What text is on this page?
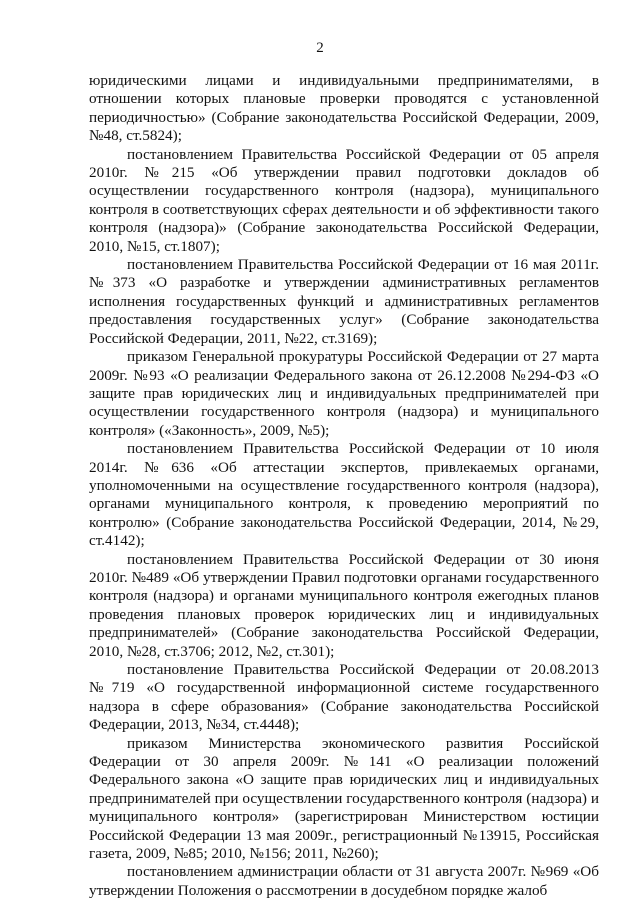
2

юридическими лицами и индивидуальными предпринимателями, в отношении которых плановые проверки проводятся с установленной периодичностью» (Собрание законодательства Российской Федерации, 2009, №48, ст.5824);

постановлением Правительства Российской Федерации от 05 апреля 2010г. №215 «Об утверждении правил подготовки докладов об осуществлении государственного контроля (надзора), муниципального контроля в соответствующих сферах деятельности и об эффективности такого контроля (надзора)» (Собрание законодательства Российской Федерации, 2010, №15, ст.1807);

постановлением Правительства Российской Федерации от 16 мая 2011г. №373 «О разработке и утверждении административных регламентов исполнения государственных функций и административных регламентов предоставления государственных услуг» (Собрание законодательства Российской Федерации, 2011, №22, ст.3169);

приказом Генеральной прокуратуры Российской Федерации от 27 марта 2009г. №93 «О реализации Федерального закона от 26.12.2008 №294-ФЗ «О защите прав юридических лиц и индивидуальных предпринимателей при осуществлении государственного контроля (надзора) и муниципального контроля» («Законность», 2009, №5);

постановлением Правительства Российской Федерации от 10 июля 2014г. №636 «Об аттестации экспертов, привлекаемых органами, уполномоченными на осуществление государственного контроля (надзора), органами муниципального контроля, к проведению мероприятий по контролю» (Собрание законодательства Российской Федерации, 2014, №29, ст.4142);

постановлением Правительства Российской Федерации от 30 июня 2010г. №489 «Об утверждении Правил подготовки органами государственного контроля (надзора) и органами муниципального контроля ежегодных планов проведения плановых проверок юридических лиц и индивидуальных предпринимателей» (Собрание законодательства Российской Федерации, 2010, №28, ст.3706; 2012, №2, ст.301);

постановление Правительства Российской Федерации от 20.08.2013 №719 «О государственной информационной системе государственного надзора в сфере образования» (Собрание законодательства Российской Федерации, 2013, №34, ст.4448);

приказом Министерства экономического развития Российской Федерации от 30 апреля 2009г. №141 «О реализации положений Федерального закона «О защите прав юридических лиц и индивидуальных предпринимателей при осуществлении государственного контроля (надзора) и муниципального контроля» (зарегистрирован Министерством юстиции Российской Федерации 13 мая 2009г., регистрационный №13915, Российская газета, 2009, №85; 2010, №156; 2011, №260);

постановлением администрации области от 31 августа 2007г. №969 «Об утверждении Положения о рассмотрении в досудебном порядке жалоб
